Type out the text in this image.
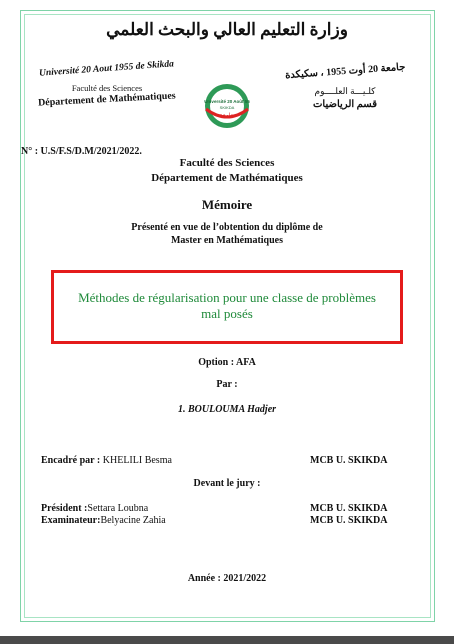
وزارة التعليم العالي والبحث العلمي
Université 20 Aout 1955 de Skikda
Faculté des Sciences
Département de Mathématiques	Université 20 Août 55
SKIKDA
جامعة
جامعة 20 أوت 1955 ، سكيكدة
كلـيـــة العلــــوم
قسم الرياضيات
N° : U.S/F.S/D.M/2021/2022.
Faculté des Sciences
Département de Mathématiques
Mémoire
Présenté en vue de l’obtention du diplôme de
Master en Mathématiques
Méthodes de régularisation pour une classe de problèmes
mal posés
Option : AFA
Par :
1. BOULOUMA Hadjer
Encadré par : KHELILI Besma	MCB U. SKIKDA
Devant le jury :
Président :Settara Loubna	MCB U. SKIKDA
Examinateur:Belyacine Zahia	MCB U. SKIKDA
Année : 2021/2022
